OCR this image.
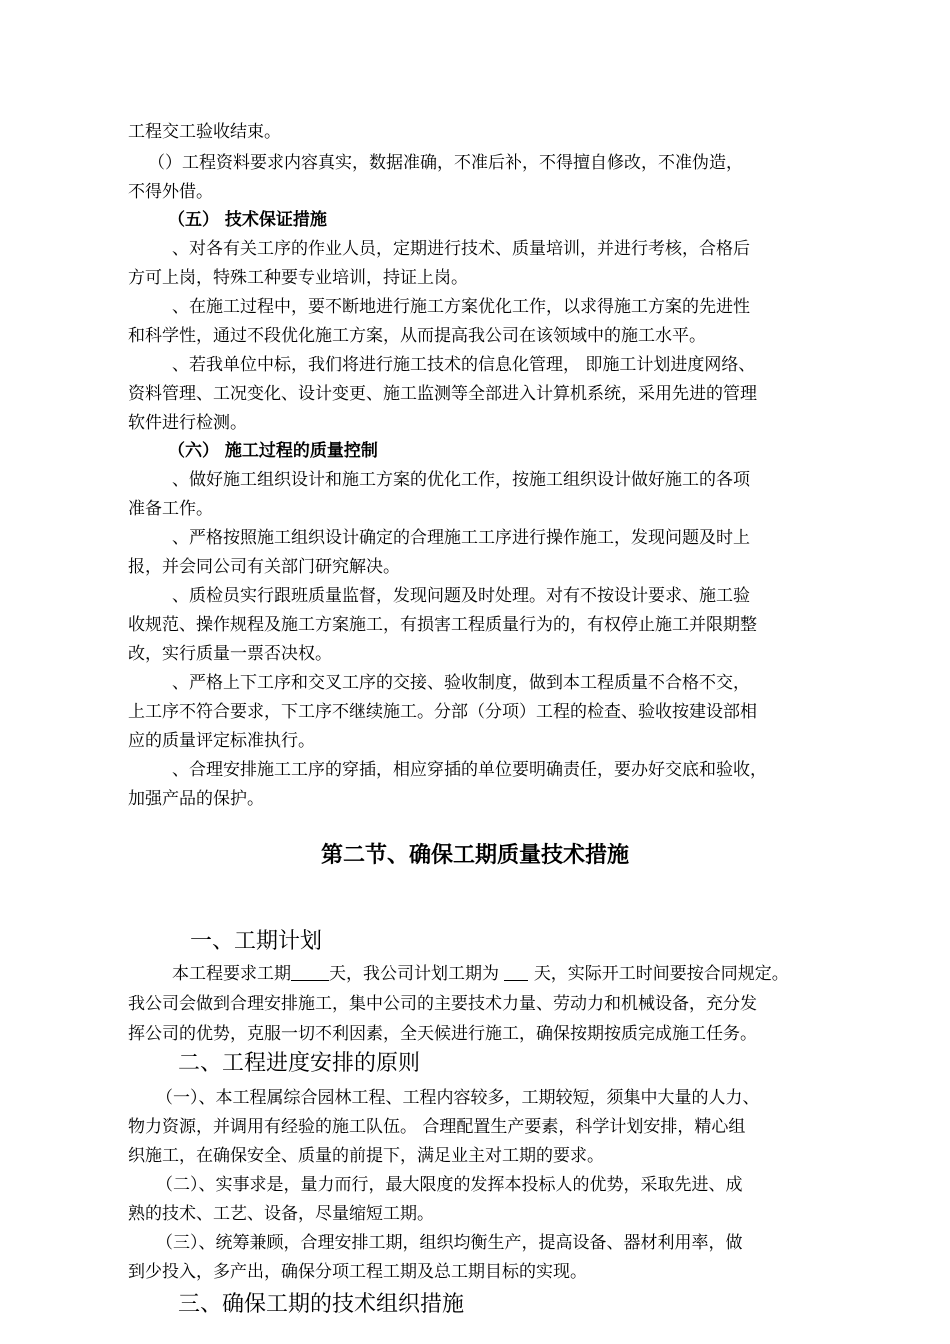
工程交工验收结束。
（）工程资料要求内容真实，数据准确，不准后补，不得擅自修改，不准伪造，
不得外借。
（五） 技术保证措施
、对各有关工序的作业人员，定期进行技术、质量培训，并进行考核，合格后
方可上岗，特殊工种要专业培训，持证上岗。
、在施工过程中，要不断地进行施工方案优化工作，以求得施工方案的先进性
和科学性，通过不段优化施工方案，从而提高我公司在该领域中的施工水平。
、若我单位中标，我们将进行施工技术的信息化管理， 即施工计划进度网络、
资料管理、工况变化、设计变更、施工监测等全部进入计算机系统，采用先进的管理
软件进行检测。
（六） 施工过程的质量控制
、做好施工组织设计和施工方案的优化工作，按施工组织设计做好施工的各项
准备工作。
、严格按照施工组织设计确定的合理施工工序进行操作施工，发现问题及时上
报，并会同公司有关部门研究解决。
、质检员实行跟班质量监督，发现问题及时处理。对有不按设计要求、施工验
收规范、操作规程及施工方案施工，有损害工程质量行为的，有权停止施工并限期整
改，实行质量一票否决权。
、严格上下工序和交叉工序的交接、验收制度，做到本工程质量不合格不交，
上工序不符合要求，下工序不继续施工。分部（分项）工程的检查、验收按建设部相
应的质量评定标准执行。
、合理安排施工工序的穿插，相应穿插的单位要明确责任，要办好交底和验收，
加强产品的保护。
第二节、确保工期质量技术措施
一、工期计划
本工程要求工期 天，我公司计划工期为 天，实际开工时间要按合同规定。
我公司会做到合理安排施工，集中公司的主要技术力量、劳动力和机械设备，充分发
挥公司的优势，克服一切不利因素，全天候进行施工，确保按期按质完成施工任务。
二、工程进度安排的原则
（一）、本工程属综合园林工程、工程内容较多，工期较短，须集中大量的人力、
物力资源，并调用有经验的施工队伍。 合理配置生产要素，科学计划安排，精心组
织施工，在确保安全、质量的前提下，满足业主对工期的要求。
（二）、实事求是，量力而行，最大限度的发挥本投标人的优势，采取先进、成
熟的技术、工艺、设备，尽量缩短工期。
（三）、统筹兼顾，合理安排工期，组织均衡生产，提高设备、器材利用率，做
到少投入，多产出，确保分项工程工期及总工期目标的实现。
三、确保工期的技术组织措施
